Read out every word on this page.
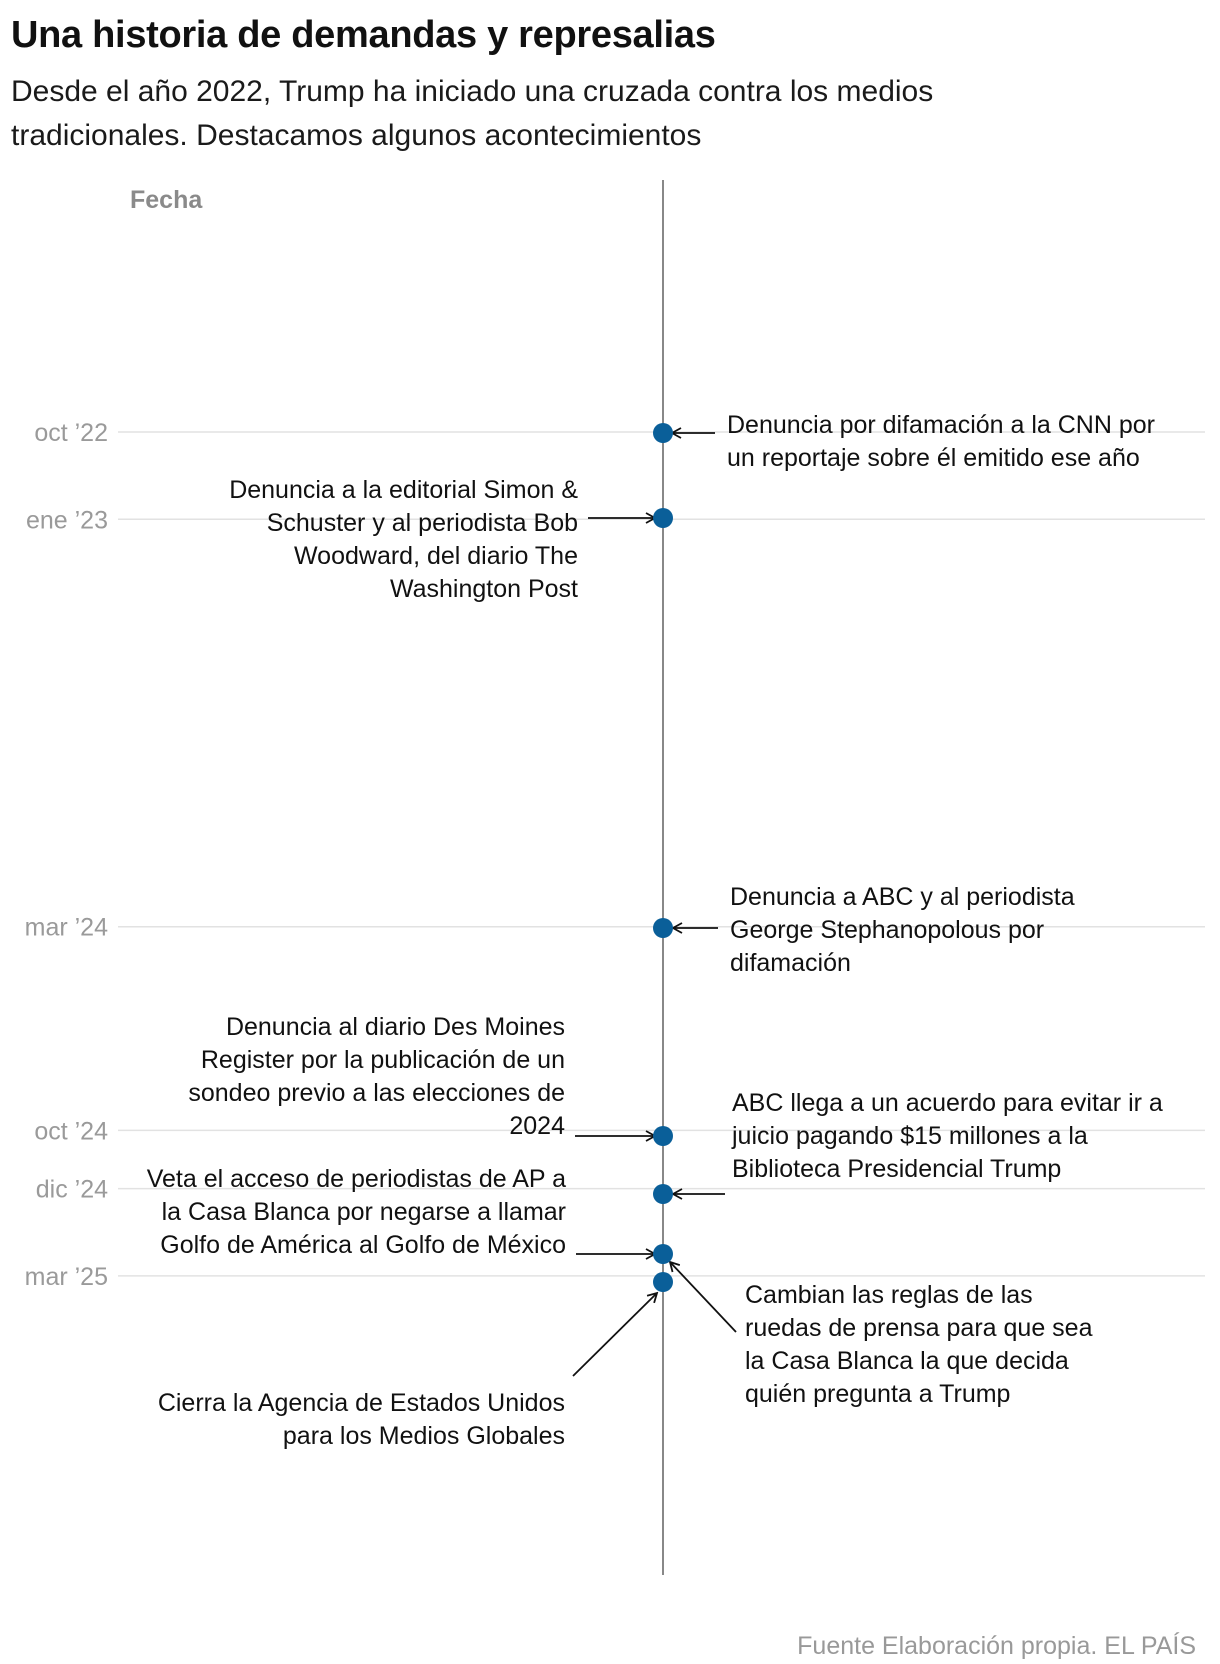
Una historia de demandas y represalias

Desde el año 2022, Trump ha iniciado una cruzada contra los medios tradicionales. Destacamos algunos acontecimientos

Fecha
oct ’22
ene ’23
mar ’24
oct ’24
dic ’24
mar ’25
Denuncia por difamación a la CNN por
un reportaje sobre él emitido ese año
Denuncia a la editorial Simon &
Schuster y al periodista Bob
Woodward, del diario The
Washington Post
Denuncia a ABC y al periodista
George Stephanopolous por
difamación
Denuncia al diario Des Moines
Register por la publicación de un
sondeo previo a las elecciones de
2024
ABC llega a un acuerdo para evitar ir a
juicio pagando $15 millones a la
Biblioteca Presidencial Trump
Veta el acceso de periodistas de AP a
la Casa Blanca por negarse a llamar
Golfo de América al Golfo de México
Cambian las reglas de las
ruedas de prensa para que sea
la Casa Blanca la que decida
quién pregunta a Trump
Cierra la Agencia de Estados Unidos
para los Medios Globales

Fuente Elaboración propia. EL PAÍS
